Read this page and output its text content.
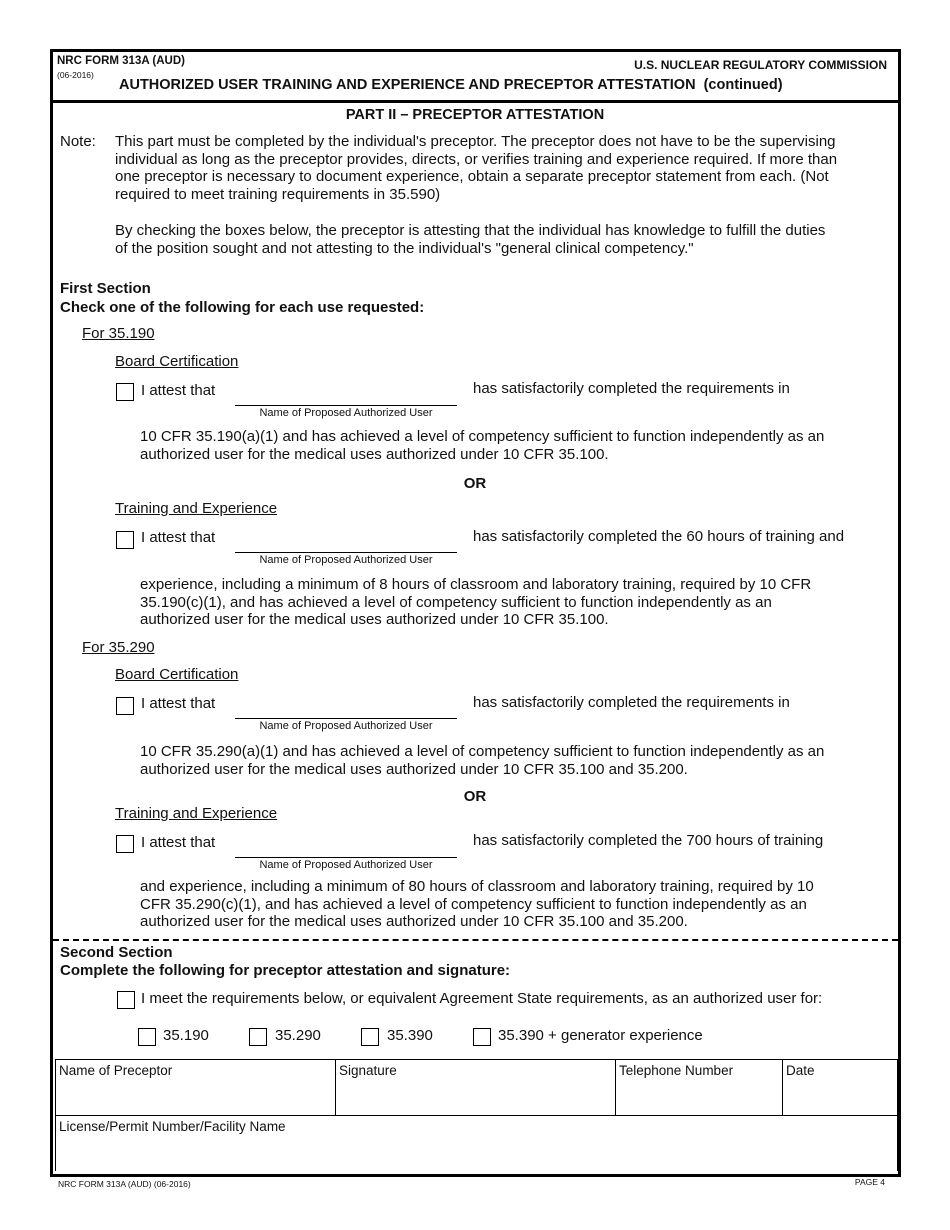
NRC FORM 313A (AUD)
(06-2016)
U.S. NUCLEAR REGULATORY COMMISSION
AUTHORIZED USER TRAINING AND EXPERIENCE AND PRECEPTOR ATTESTATION  (continued)
PART II – PRECEPTOR ATTESTATION
Note: This part must be completed by the individual's preceptor. The preceptor does not have to be the supervising
individual as long as the preceptor provides, directs, or verifies training and experience required. If more than
one preceptor is necessary to document experience, obtain a separate preceptor statement from each. (Not
required to meet training requirements in 35.590)
By checking the boxes below, the preceptor is attesting that the individual has knowledge to fulfill the duties
of the position sought and not attesting to the individual's "general clinical competency."
First Section
Check one of the following for each use requested:
For 35.190
Board Certification
I attest that
Name of Proposed Authorized User
has satisfactorily completed the requirements in
10 CFR 35.190(a)(1) and has achieved a level of competency sufficient to function independently as an
authorized user for the medical uses authorized under 10 CFR 35.100.
OR
Training and Experience
I attest that
Name of Proposed Authorized User
has satisfactorily completed the 60 hours of training and
experience, including a minimum of 8 hours of classroom and laboratory training, required by 10 CFR
35.190(c)(1), and has achieved a level of competency sufficient to function independently as an
authorized user for the medical uses authorized under 10 CFR 35.100.
For 35.290
Board Certification
I attest that
Name of Proposed Authorized User
has satisfactorily completed the requirements in
10 CFR 35.290(a)(1) and has achieved a level of competency sufficient to function independently as an
authorized user for the medical uses authorized under 10 CFR 35.100 and 35.200.
OR
Training and Experience
I attest that
Name of Proposed Authorized User
has satisfactorily completed the 700 hours of training
and experience, including a minimum of 80 hours of classroom and laboratory training, required by 10
CFR 35.290(c)(1), and has achieved a level of competency sufficient to function independently as an
authorized user for the medical uses authorized under 10 CFR 35.100 and 35.200.
Second Section
Complete the following for preceptor attestation and signature:
I meet the requirements below, or equivalent Agreement State requirements, as an authorized user for:
35.190	35.290	35.390	35.390 + generator experience
Name of Preceptor	Signature	Telephone Number	Date
License/Permit Number/Facility Name
NRC FORM 313A (AUD) (06-2016)	PAGE 4
